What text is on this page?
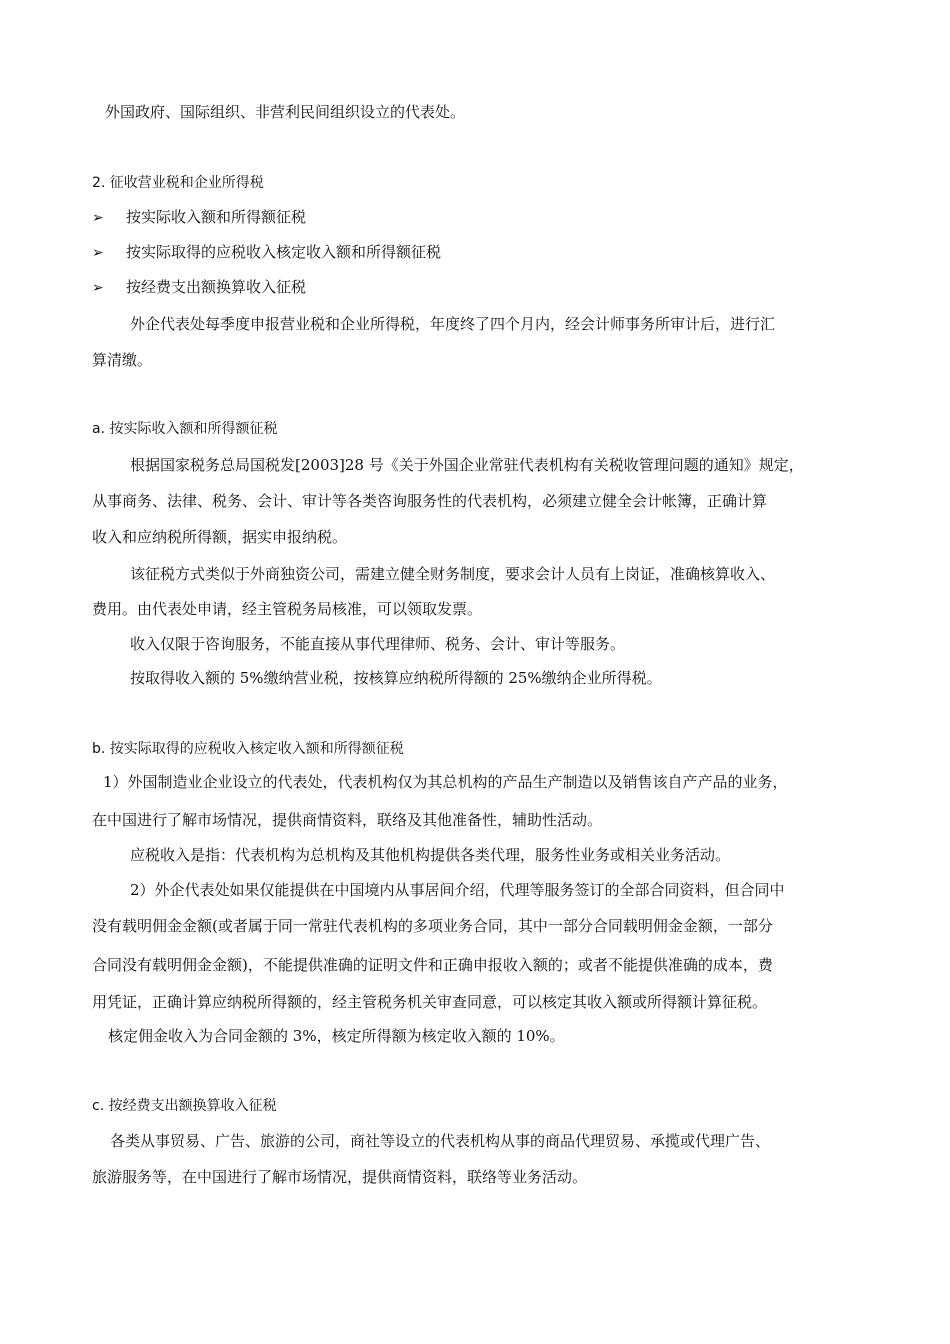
外国政府、国际组织、非营利民间组织设立的代表处。
2. 征收营业税和企业所得税
➢ 按实际收入额和所得额征税
➢ 按实际取得的应税收入核定收入额和所得额征税
➢ 按经费支出额换算收入征税
外企代表处每季度申报营业税和企业所得税，年度终了四个月内，经会计师事务所审计后，进行汇
算清缴。
a. 按实际收入额和所得额征税
根据国家税务总局国税发[2003]28 号《关于外国企业常驻代表机构有关税收管理问题的通知》规定，
从事商务、法律、税务、会计、审计等各类咨询服务性的代表机构，必须建立健全会计帐簿，正确计算
收入和应纳税所得额，据实申报纳税。
该征税方式类似于外商独资公司，需建立健全财务制度，要求会计人员有上岗证，准确核算收入、
费用。由代表处申请，经主管税务局核准，可以领取发票。
收入仅限于咨询服务，不能直接从事代理律师、税务、会计、审计等服务。
按取得收入额的 5%缴纳营业税，按核算应纳税所得额的 25%缴纳企业所得税。
b. 按实际取得的应税收入核定收入额和所得额征税
1）外国制造业企业设立的代表处，代表机构仅为其总机构的产品生产制造以及销售该自产产品的业务，
在中国进行了解市场情况，提供商情资料，联络及其他准备性，辅助性活动。
应税收入是指：代表机构为总机构及其他机构提供各类代理，服务性业务或相关业务活动。
2）外企代表处如果仅能提供在中国境内从事居间介绍，代理等服务签订的全部合同资料，但合同中
没有载明佣金金额(或者属于同一常驻代表机构的多项业务合同，其中一部分合同载明佣金金额，一部分
合同没有载明佣金金额)，不能提供准确的证明文件和正确申报收入额的；或者不能提供准确的成本，费
用凭证，正确计算应纳税所得额的，经主管税务机关审查同意，可以核定其收入额或所得额计算征税。
核定佣金收入为合同金额的 3%，核定所得额为核定收入额的 10%。
c. 按经费支出额换算收入征税
各类从事贸易、广告、旅游的公司，商社等设立的代表机构从事的商品代理贸易、承揽或代理广告、
旅游服务等，在中国进行了解市场情况，提供商情资料，联络等业务活动。
